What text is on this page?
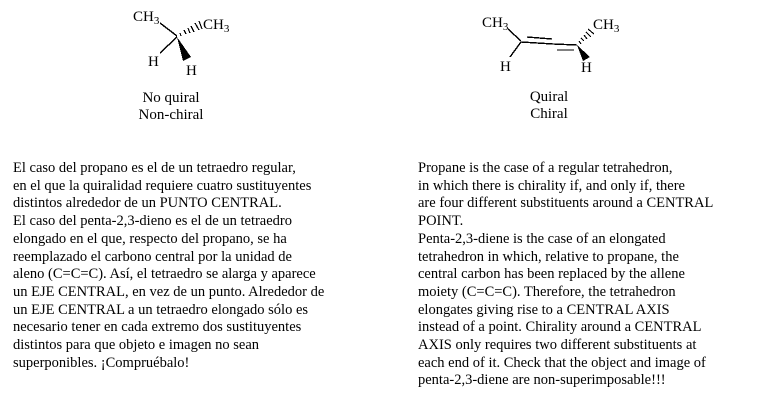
$CH_3$	$CH_3$
H
H
No quiral
Non-chiral
$CH_3$
H
$CH_3$
H
Quiral
Chiral
El caso del propano es el de un tetraedro regular,
en el que la quiralidad requiere cuatro sustituyentes
distintos alrededor de un PUNTO CENTRAL.
El caso del penta-2,3-dieno es el de un tetraedro
elongado en el que, respecto del propano, se ha
reemplazado el carbono central por la unidad de
aleno (C=C=C). Así, el tetraedro se alarga y aparece
un EJE CENTRAL, en vez de un punto. Alrededor de
un EJE CENTRAL a un tetraedro elongado sólo es
necesario tener en cada extremo dos sustituyentes
distintos para que objeto e imagen no sean
superponibles. ¡Compruébalo!
Propane is the case of a regular tetrahedron,
in which there is chirality if, and only if, there
are four different substituents around a CENTRAL
POINT.
Penta-2,3-diene is the case of an elongated
tetrahedron in which, relative to propane, the
central carbon has been replaced by the allene
moiety (C=C=C). Therefore, the tetrahedron
elongates giving rise to a CENTRAL AXIS
instead of a point. Chirality around a CENTRAL
AXIS only requires two different substituents at
each end of it. Check that the object and image of
penta-2,3-diene are non-superimposable!!!
